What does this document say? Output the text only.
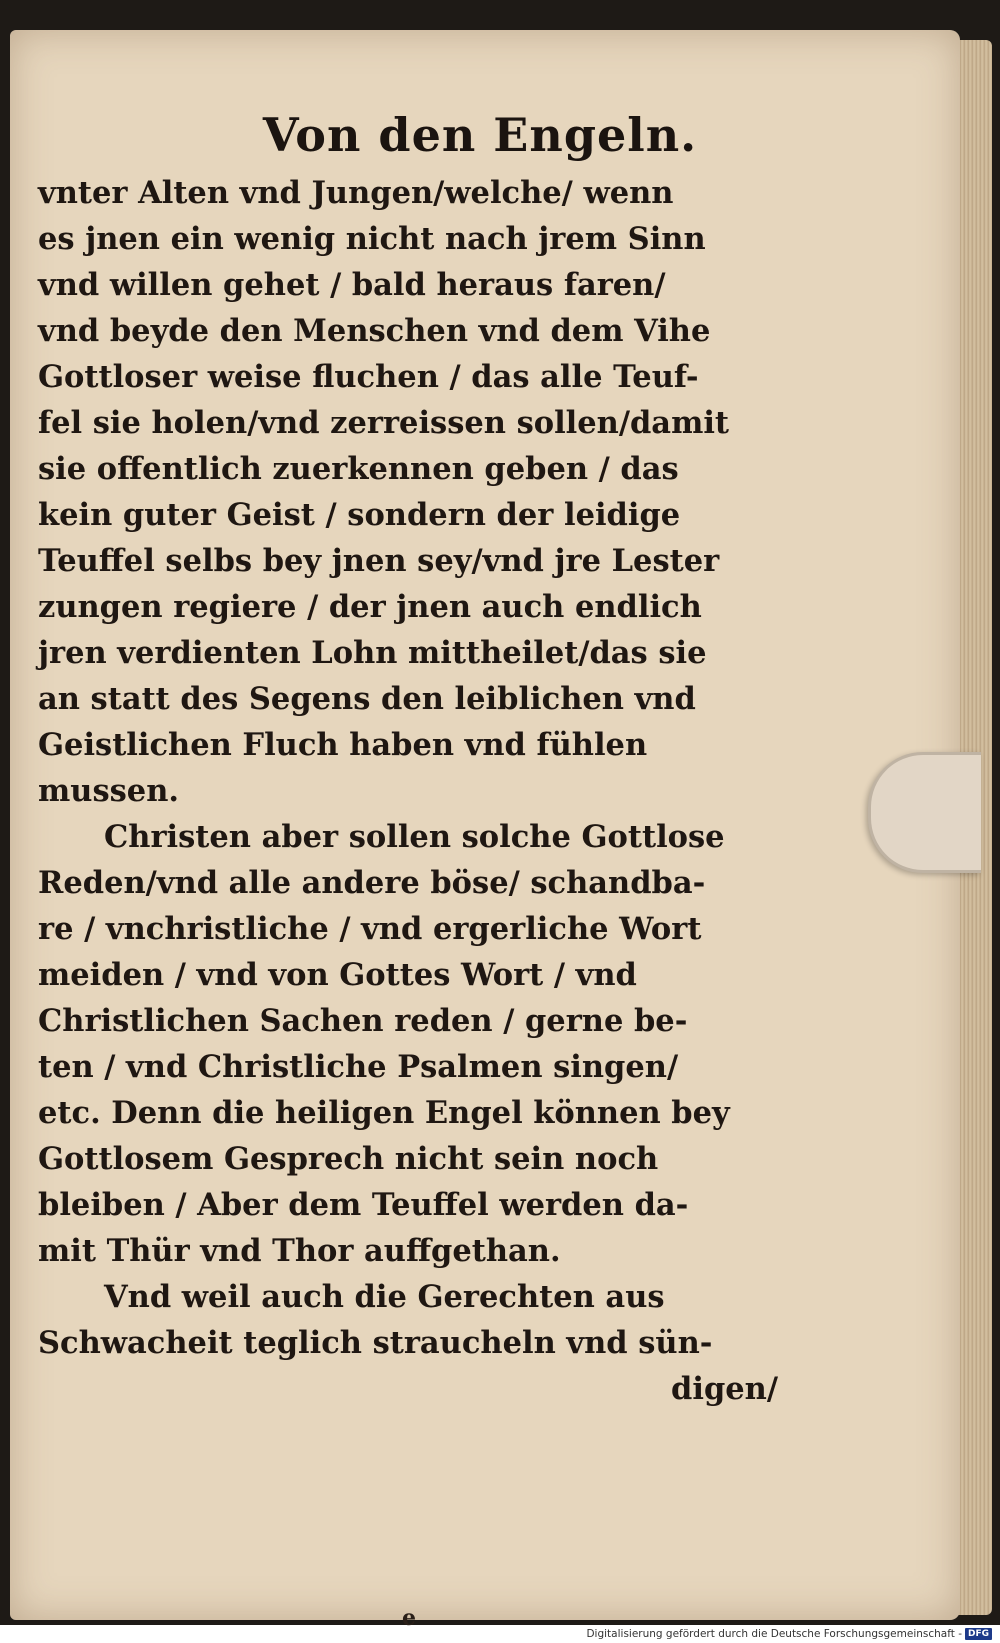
Von den Engeln.
vnter Alten vnd Jungen/welche/ wenn
es jnen ein wenig nicht nach jrem Sinn
vnd willen gehet / bald heraus faren/
vnd beyde den Menschen vnd dem Vihe
Gottloser weise fluchen / das alle Teuf-
fel sie holen/vnd zerreissen sollen/damit
sie offentlich zuerkennen geben / das
kein guter Geist / sondern der leidige
Teuffel selbs bey jnen sey/vnd jre Lester
zungen regiere / der jnen auch endlich
jren verdienten Lohn mittheilet/das sie
an statt des Segens den leiblichen vnd
Geistlichen Fluch haben vnd fühlen
mussen.
Christen aber sollen solche Gottlose
Reden/vnd alle andere böse/ schandba-
re / vnchristliche / vnd ergerliche Wort
meiden / vnd von Gottes Wort / vnd
Christlichen Sachen reden / gerne be-
ten / vnd Christliche Psalmen singen/
etc. Denn die heiligen Engel können bey
Gottlosem Gesprech nicht sein noch
bleiben / Aber dem Teuffel werden da-
mit Thür vnd Thor auffgethan.
Vnd weil auch die Gerechten aus
Schwacheit teglich straucheln vnd sün-
digen/
e
Digitalisierung gefördert durch die Deutsche Forschungsgemeinschaft - DFG
